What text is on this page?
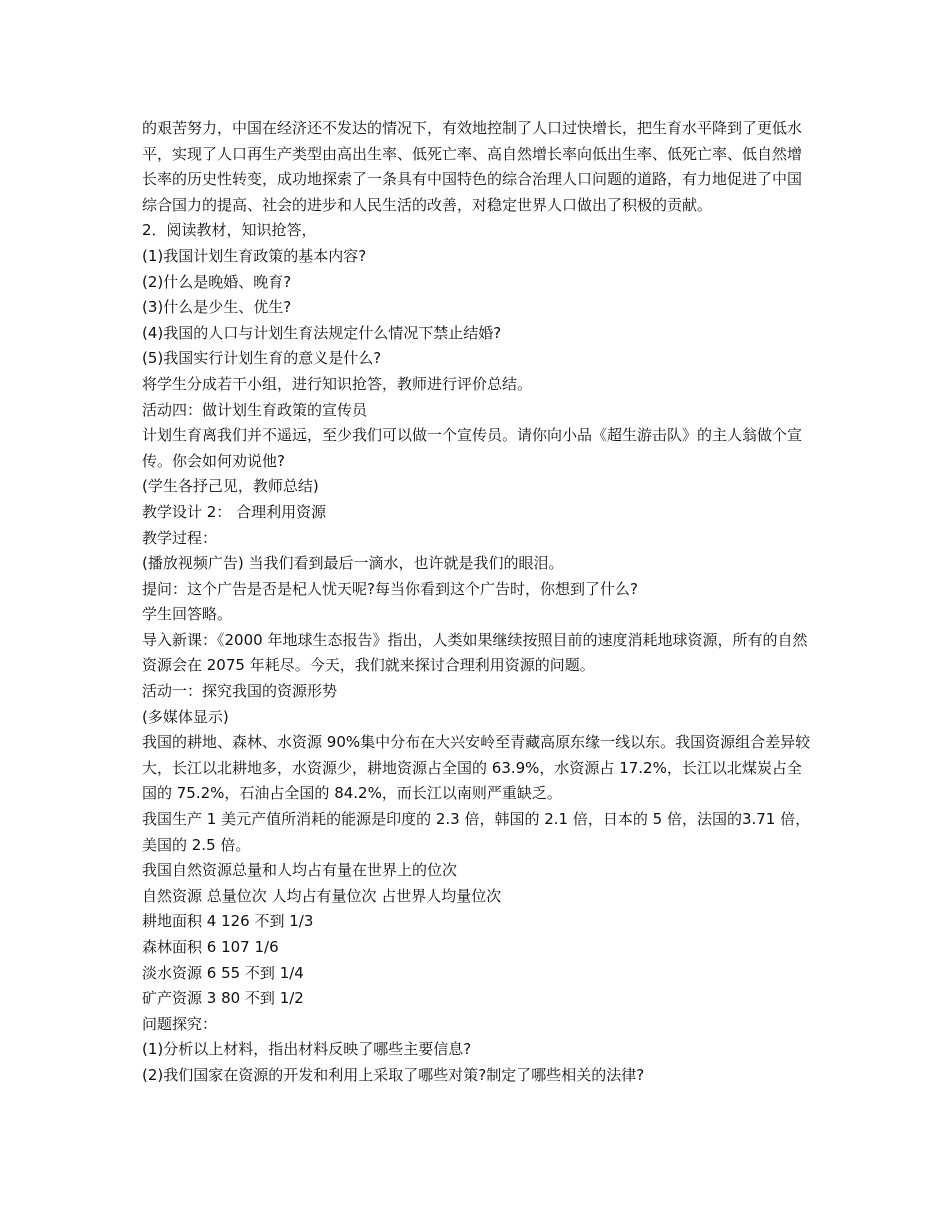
的艰苦努力，中国在经济还不发达的情况下，有效地控制了人口过快增长，把生育水平降到了更低水平，实现了人口再生产类型由高出生率、低死亡率、高自然增长率向低出生率、低死亡率、低自然增长率的历史性转变，成功地探索了一条具有中国特色的综合治理人口问题的道路，有力地促进了中国综合国力的提高、社会的进步和人民生活的改善，对稳定世界人口做出了积极的贡献。

2．阅读教材，知识抢答，

(1)我国计划生育政策的基本内容?

(2)什么是晚婚、晚育?

(3)什么是少生、优生?

(4)我国的人口与计划生育法规定什么情况下禁止结婚?

(5)我国实行计划生育的意义是什么?

将学生分成若干小组，进行知识抢答，教师进行评价总结。

活动四：做计划生育政策的宣传员

计划生育离我们并不遥远，至少我们可以做一个宣传员。请你向小品《超生游击队》的主人翁做个宣传。你会如何劝说他?

(学生各抒己见，教师总结)

教学设计 2： 合理利用资源

教学过程：

(播放视频广告) 当我们看到最后一滴水，也许就是我们的眼泪。

提问：这个广告是否是杞人忧天呢?每当你看到这个广告时，你想到了什么?

学生回答略。

导入新课：《2000 年地球生态报告》指出，人类如果继续按照目前的速度消耗地球资源，所有的自然资源会在 2075 年耗尽。今天，我们就来探讨合理利用资源的问题。

活动一：探究我国的资源形势

(多媒体显示)

我国的耕地、森林、水资源 90%集中分布在大兴安岭至青藏高原东缘一线以东。我国资源组合差异较大，长江以北耕地多，水资源少，耕地资源占全国的 63.9%，水资源占 17.2%，长江以北煤炭占全国的 75.2%，石油占全国的 84.2%，而长江以南则严重缺乏。

我国生产 1 美元产值所消耗的能源是印度的 2.3 倍，韩国的 2.1 倍，日本的 5 倍，法国的3.71 倍，美国的 2.5 倍。

我国自然资源总量和人均占有量在世界上的位次

自然资源 总量位次 人均占有量位次 占世界人均量位次

耕地面积 4 126 不到 1/3

森林面积 6 107 1/6

淡水资源 6 55 不到 1/4

矿产资源 3 80 不到 1/2

问题探究：

(1)分析以上材料，指出材料反映了哪些主要信息?

(2)我们国家在资源的开发和利用上采取了哪些对策?制定了哪些相关的法律?
